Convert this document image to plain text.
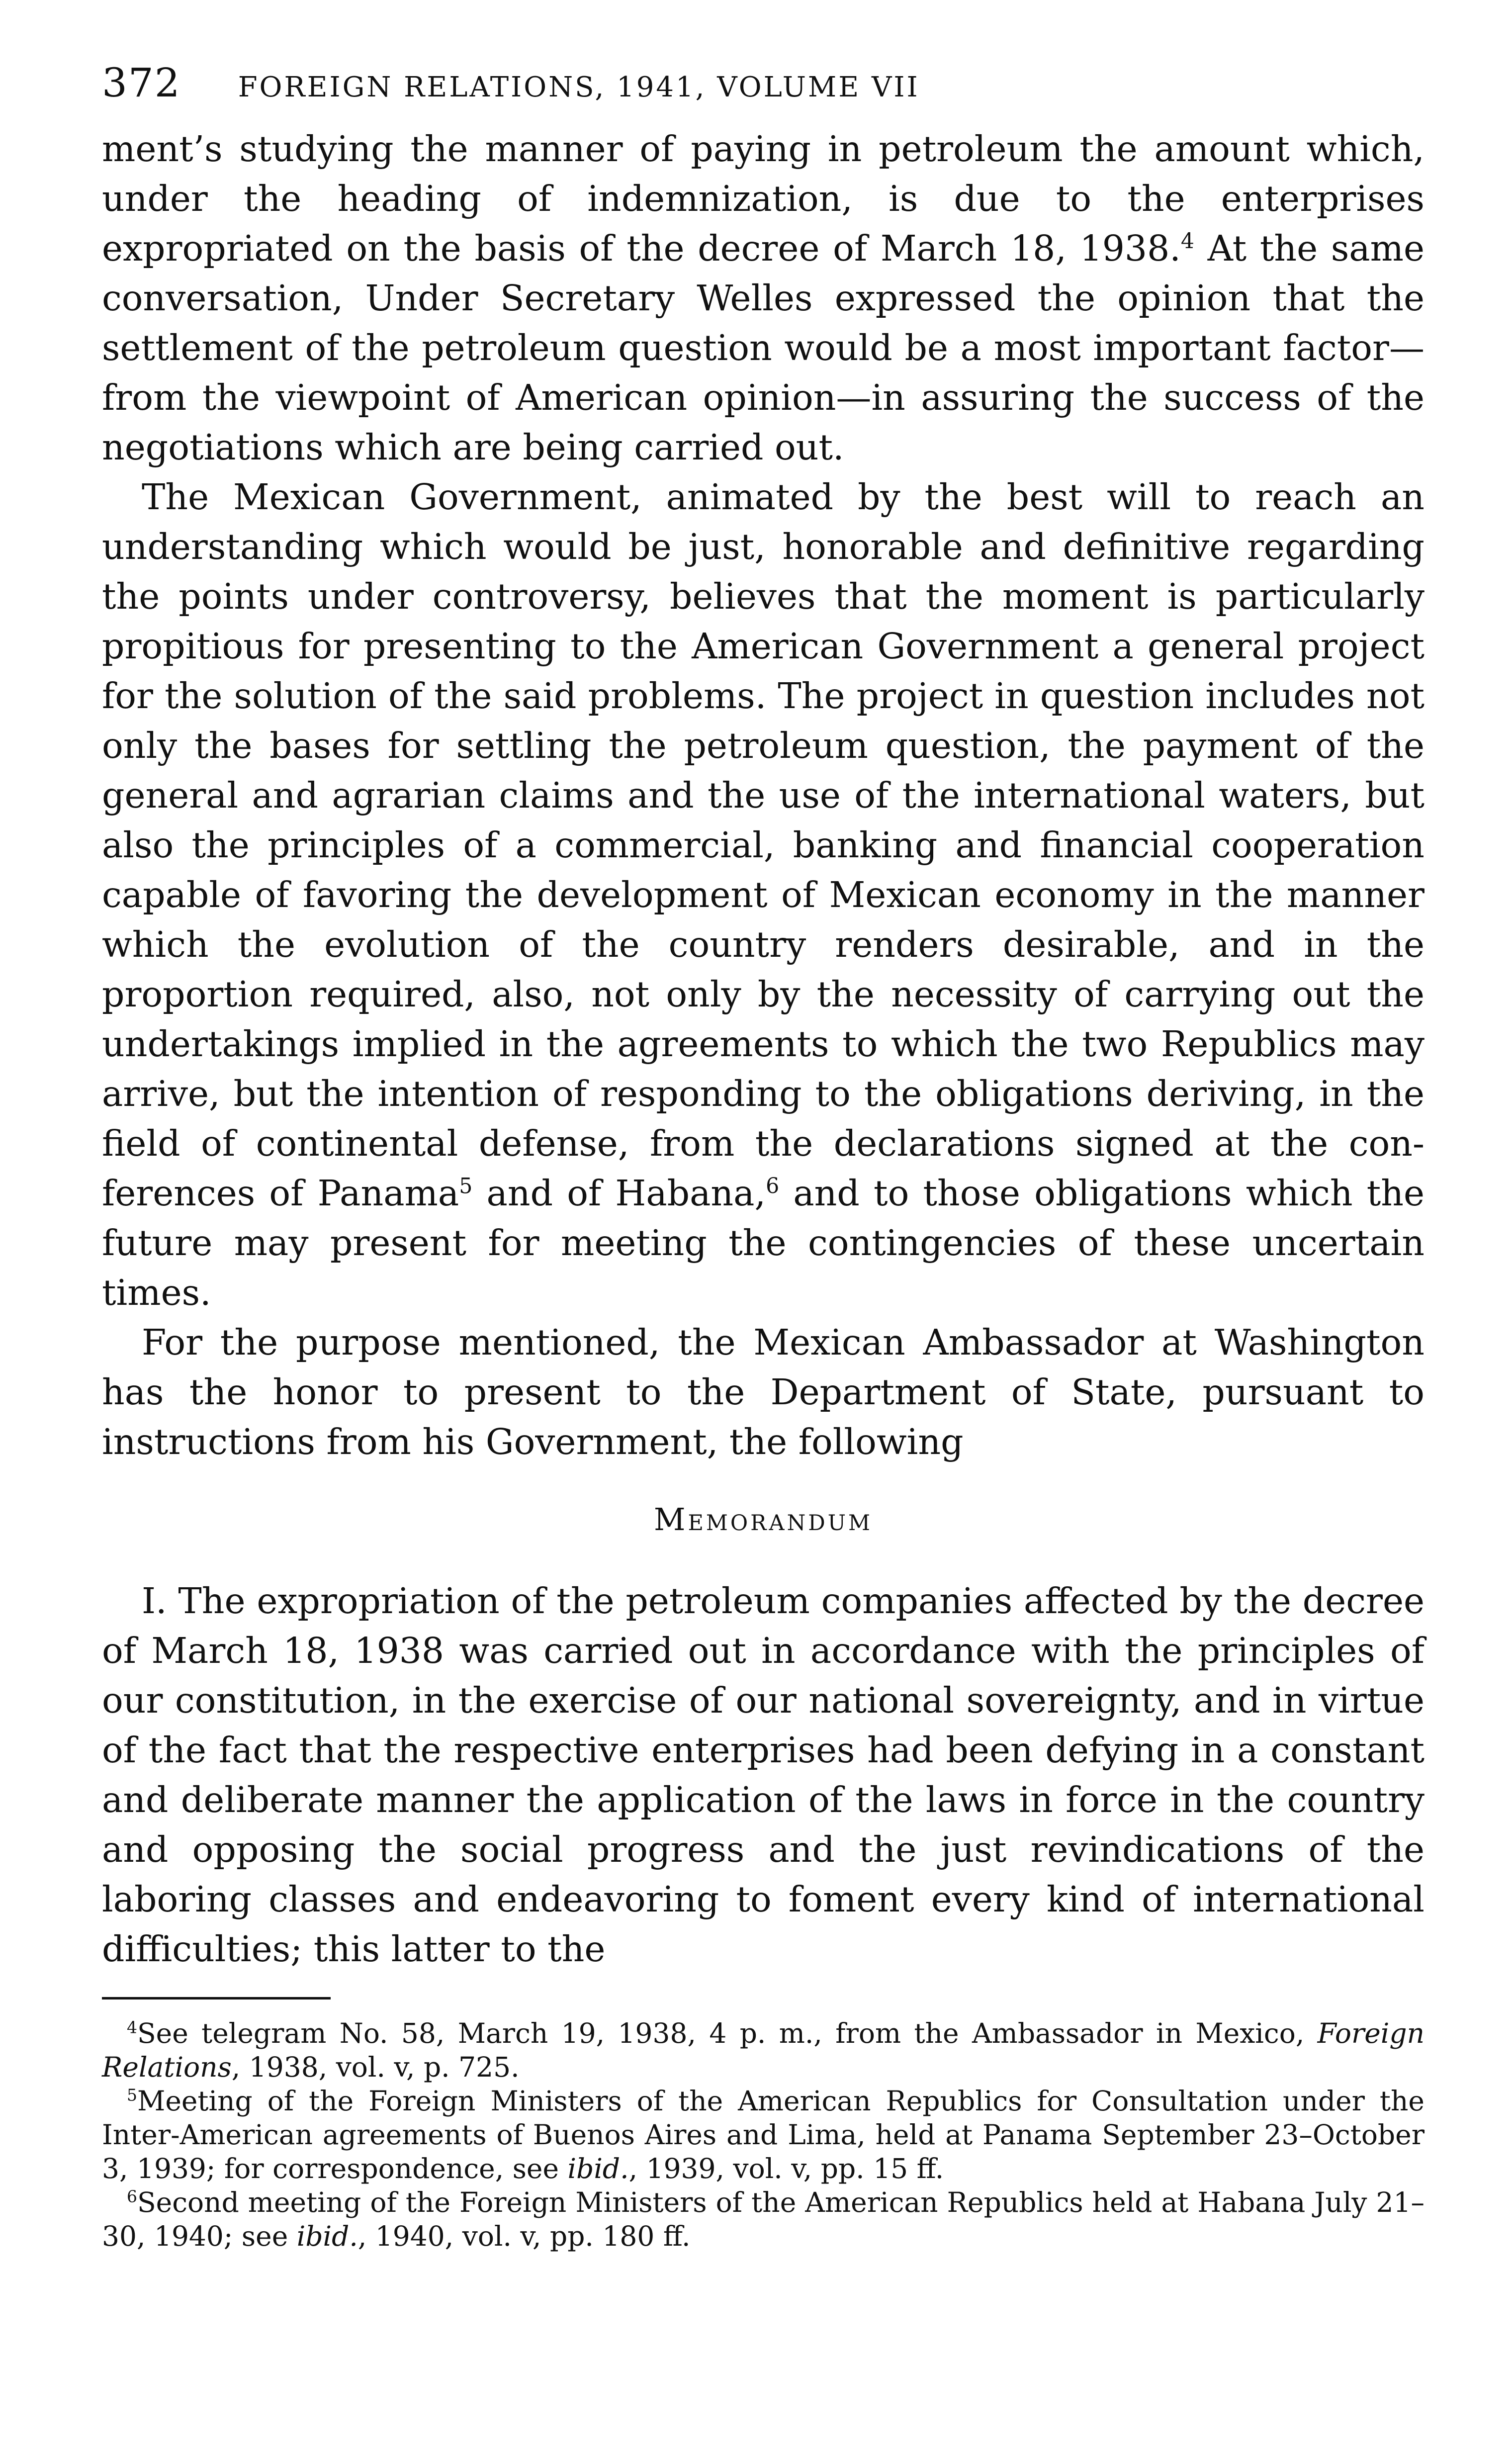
372 FOREIGN RELATIONS, 1941, VOLUME VII

ment’s studying the manner of paying in petroleum the amount which, under the heading of indemnization, is due to the enterprises expropriated on the basis of the decree of March 18, 1938.$^4$ At the same conversation, Under Secretary Welles expressed the opinion that the settlement of the petroleum question would be a most important factor—from the viewpoint of American opinion—in assuring the success of the negotiations which are being carried out.

The Mexican Government, animated by the best will to reach an understanding which would be just, honorable and definitive regarding the points under controversy, believes that the moment is particularly propitious for presenting to the American Government a general project for the solution of the said problems. The project in question includes not only the bases for settling the petroleum question, the payment of the general and agrarian claims and the use of the international waters, but also the principles of a commercial, banking and financial cooperation capable of favoring the development of Mexican economy in the manner which the evolution of the country renders desirable, and in the proportion required, also, not only by the necessity of carrying out the undertakings implied in the agreements to which the two Republics may arrive, but the intention of responding to the obligations deriving, in the field of continental defense, from the declarations signed at the conferences of Panama$^5$ and of Habana,$^6$ and to those obligations which the future may present for meeting the contingencies of these uncertain times.

For the purpose mentioned, the Mexican Ambassador at Washington has the honor to present to the Department of State, pursuant to instructions from his Government, the following

Memorandum

I. The expropriation of the petroleum companies affected by the decree of March 18, 1938 was carried out in accordance with the principles of our constitution, in the exercise of our national sovereignty, and in virtue of the fact that the respective enterprises had been defying in a constant and deliberate manner the application of the laws in force in the country and opposing the social progress and the just revindications of the laboring classes and endeavoring to foment every kind of international difficulties; this latter to the

$^4$See telegram No. 58, March 19, 1938, 4 p. m., from the Ambassador in Mexico, Foreign Relations, 1938, vol. v, p. 725.

$^5$Meeting of the Foreign Ministers of the American Republics for Consultation under the Inter-American agreements of Buenos Aires and Lima, held at Panama September 23–October 3, 1939; for correspondence, see ibid., 1939, vol. v, pp. 15 ff.

$^6$Second meeting of the Foreign Ministers of the American Republics held at Habana July 21–30, 1940; see ibid., 1940, vol. v, pp. 180 ff.
